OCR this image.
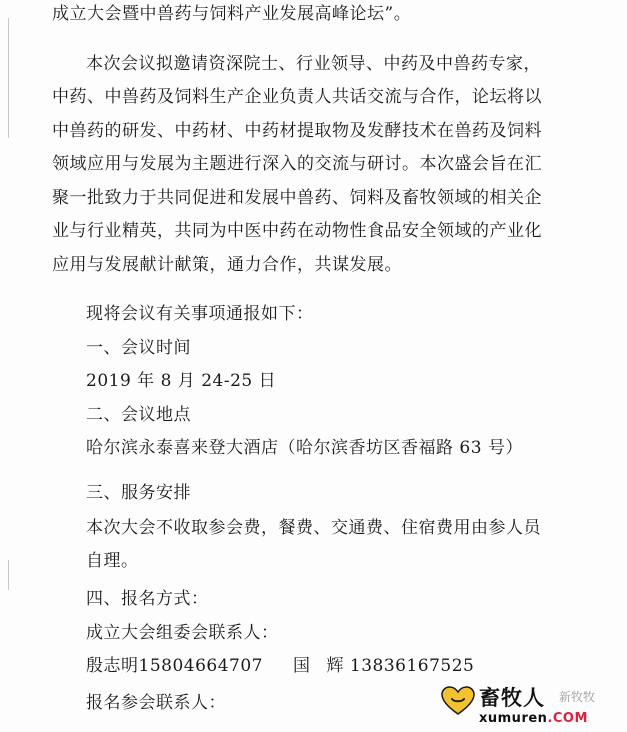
成立大会暨中兽药与饲料产业发展高峰论坛”。
本次会议拟邀请资深院士、行业领导、中药及中兽药专家，
中药、中兽药及饲料生产企业负责人共话交流与合作，论坛将以
中兽药的研发、中药材、中药材提取物及发酵技术在兽药及饲料
领域应用与发展为主题进行深入的交流与研讨。本次盛会旨在汇
聚一批致力于共同促进和发展中兽药、饲料及畜牧领域的相关企
业与行业精英，共同为中医中药在动物性食品安全领域的产业化
应用与发展献计献策，通力合作，共谋发展。
现将会议有关事项通报如下：
一、会议时间
2019 年 8 月 24-25 日
二、会议地点
哈尔滨永泰喜来登大酒店（哈尔滨香坊区香福路 63 号）
三、服务安排
本次大会不收取参会费，餐费、交通费、住宿费用由参人员
自理。
四、报名方式：
成立大会组委会联系人：
殷志明15804664707 国 辉 13836167525
报名参会联系人：	畜牧人 新牧牧
xumuren.COM
